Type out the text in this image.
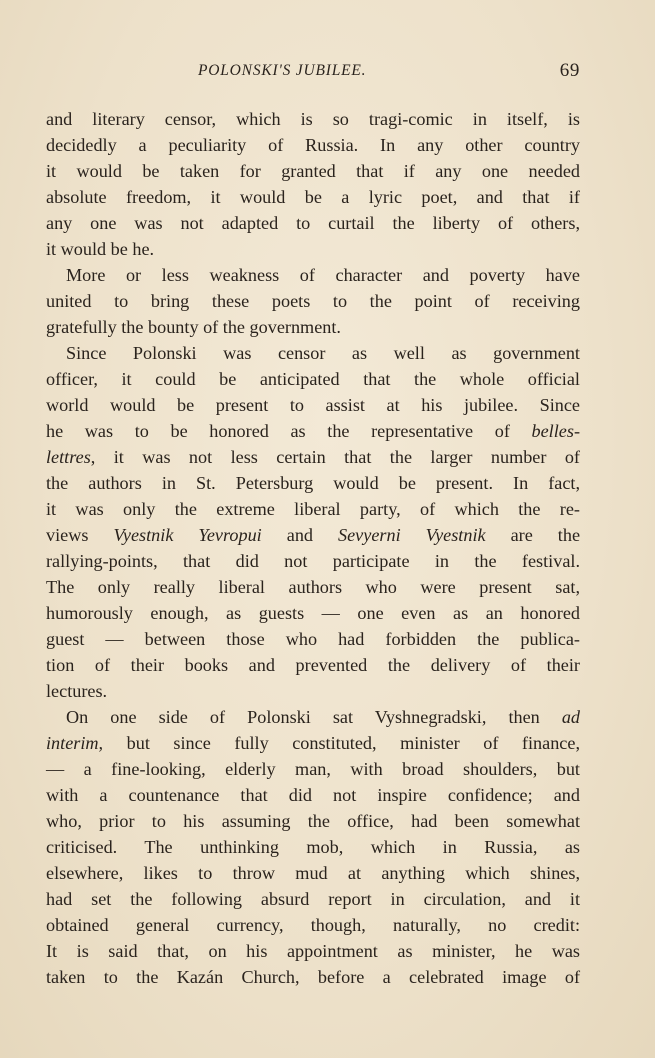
POLONSKI'S JUBILEE.	69

and literary censor, which is so tragi-comic in itself, is
decidedly a peculiarity of Russia. In any other country
it would be taken for granted that if any one needed
absolute freedom, it would be a lyric poet, and that if
any one was not adapted to curtail the liberty of others,
it would be he.

More or less weakness of character and poverty have
united to bring these poets to the point of receiving
gratefully the bounty of the government.

Since Polonski was censor as well as government
officer, it could be anticipated that the whole official
world would be present to assist at his jubilee. Since
he was to be honored as the representative of belles-
lettres, it was not less certain that the larger number of
the authors in St. Petersburg would be present. In fact,
it was only the extreme liberal party, of which the re-
views Vyestnik Yevropui and Sevyerni Vyestnik are the
rallying-points, that did not participate in the festival.
The only really liberal authors who were present sat,
humorously enough, as guests — one even as an honored
guest — between those who had forbidden the publica-
tion of their books and prevented the delivery of their
lectures.

On one side of Polonski sat Vyshnegradski, then ad
interim, but since fully constituted, minister of finance,
— a fine-looking, elderly man, with broad shoulders, but
with a countenance that did not inspire confidence; and
who, prior to his assuming the office, had been somewhat
criticised. The unthinking mob, which in Russia, as
elsewhere, likes to throw mud at anything which shines,
had set the following absurd report in circulation, and it
obtained general currency, though, naturally, no credit:
It is said that, on his appointment as minister, he was
taken to the Kazán Church, before a celebrated image of
